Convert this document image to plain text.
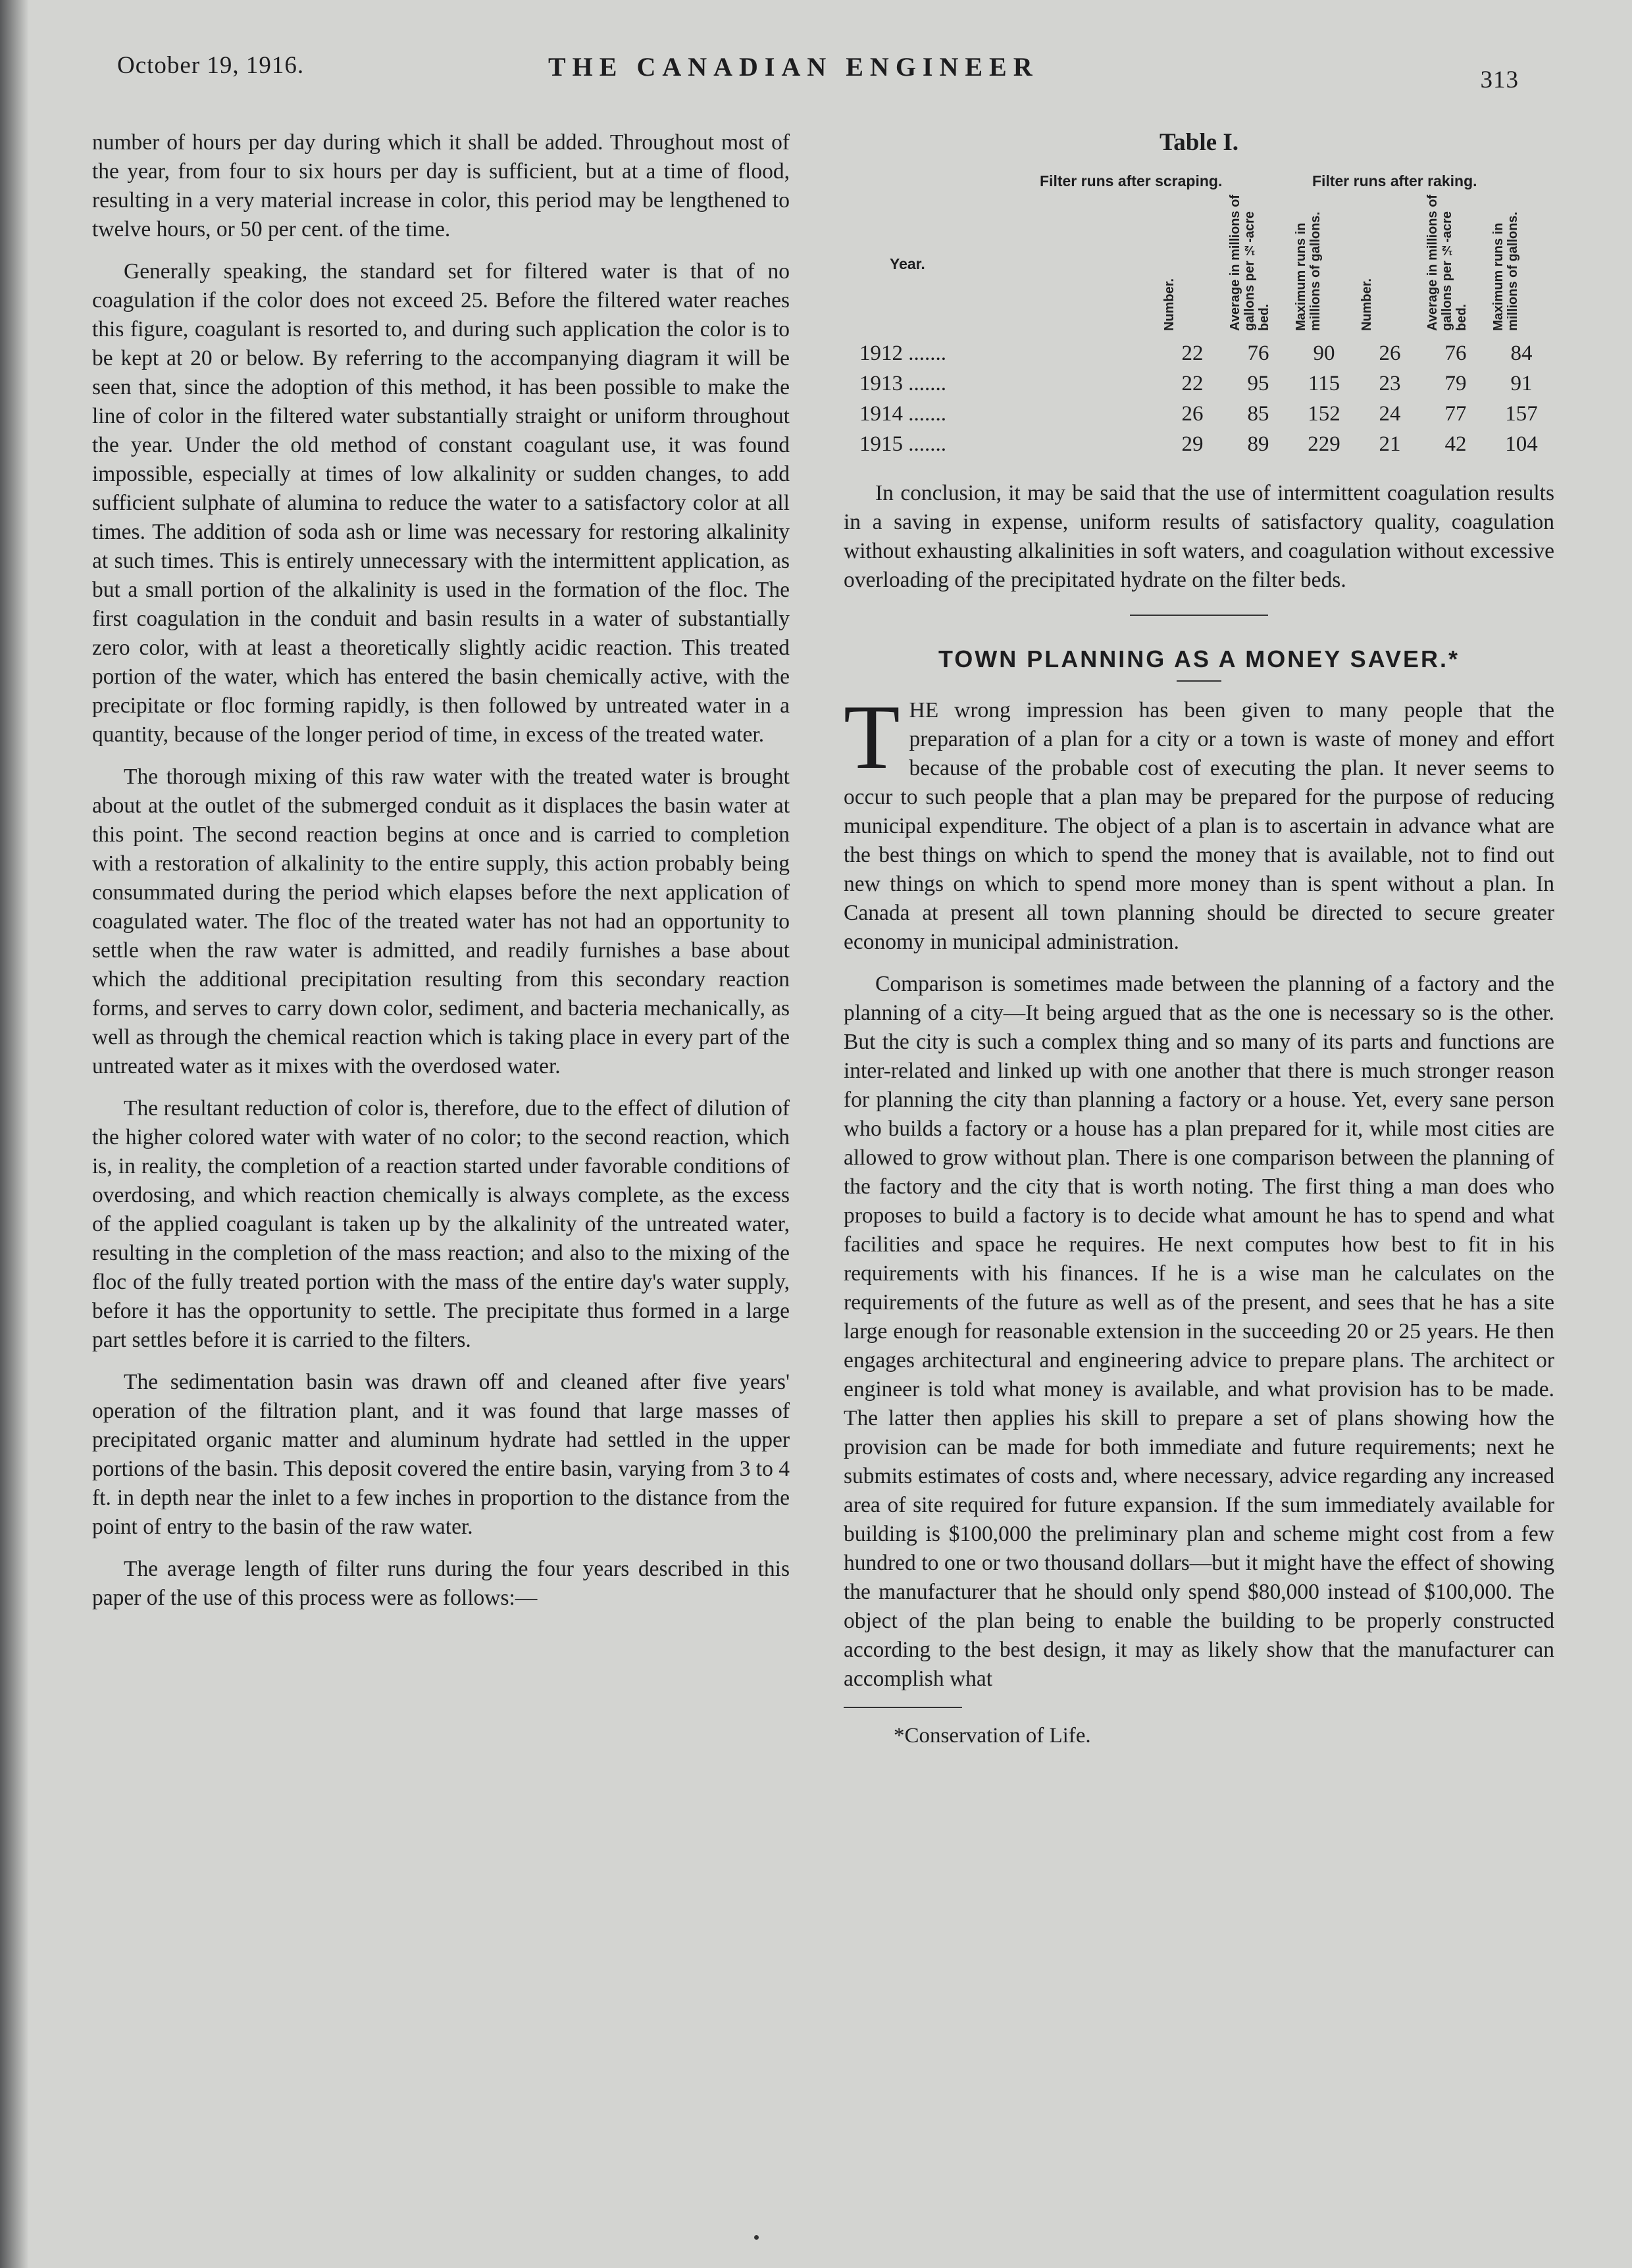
October 19, 1916.	THE CANADIAN ENGINEER	313

number of hours per day during which it shall be added. Throughout most of the year, from four to six hours per day is sufficient, but at a time of flood, resulting in a very material increase in color, this period may be lengthened to twelve hours, or 50 per cent. of the time.

Generally speaking, the standard set for filtered water is that of no coagulation if the color does not exceed 25. Before the filtered water reaches this figure, coagulant is resorted to, and during such application the color is to be kept at 20 or below. By referring to the accompanying diagram it will be seen that, since the adoption of this method, it has been possible to make the line of color in the filtered water substantially straight or uniform throughout the year. Under the old method of constant coagulant use, it was found impossible, especially at times of low alkalinity or sudden changes, to add sufficient sulphate of alumina to reduce the water to a satisfactory color at all times. The addition of soda ash or lime was necessary for restoring alkalinity at such times. This is entirely unnecessary with the intermittent application, as but a small portion of the alkalinity is used in the formation of the floc. The first coagulation in the conduit and basin results in a water of substantially zero color, with at least a theoretically slightly acidic reaction. This treated portion of the water, which has entered the basin chemically active, with the precipitate or floc forming rapidly, is then followed by untreated water in a quantity, because of the longer period of time, in excess of the treated water.

The thorough mixing of this raw water with the treated water is brought about at the outlet of the submerged conduit as it displaces the basin water at this point. The second reaction begins at once and is carried to completion with a restoration of alkalinity to the entire supply, this action probably being consummated during the period which elapses before the next application of coagulated water. The floc of the treated water has not had an opportunity to settle when the raw water is admitted, and readily furnishes a base about which the additional precipitation resulting from this secondary reaction forms, and serves to carry down color, sediment, and bacteria mechanically, as well as through the chemical reaction which is taking place in every part of the untreated water as it mixes with the overdosed water.

The resultant reduction of color is, therefore, due to the effect of dilution of the higher colored water with water of no color; to the second reaction, which is, in reality, the completion of a reaction started under favorable conditions of overdosing, and which reaction chemically is always complete, as the excess of the applied coagulant is taken up by the alkalinity of the untreated water, resulting in the completion of the mass reaction; and also to the mixing of the floc of the fully treated portion with the mass of the entire day's water supply, before it has the opportunity to settle. The precipitate thus formed in a large part settles before it is carried to the filters.

The sedimentation basin was drawn off and cleaned after five years' operation of the filtration plant, and it was found that large masses of precipitated organic matter and aluminum hydrate had settled in the upper portions of the basin. This deposit covered the entire basin, varying from 3 to 4 ft. in depth near the inlet to a few inches in proportion to the distance from the point of entry to the basin of the raw water.

The average length of filter runs during the four years described in this paper of the use of this process were as follows:—

Table I.
Filter runs after scraping.	Filter runs after raking.
Year.	Number.	Average in millions of gallons per ½-acre bed.	Maximum runs in millions of gallons.	Number.	Average in millions of gallons per ½-acre bed.	Maximum runs in millions of gallons.
1912 .......	22	76	90	26	76	84
1913 .......	22	95	115	23	79	91
1914 .......	26	85	152	24	77	157
1915 .......	29	89	229	21	42	104

In conclusion, it may be said that the use of intermittent coagulation results in a saving in expense, uniform results of satisfactory quality, coagulation without exhausting alkalinities in soft waters, and coagulation without excessive overloading of the precipitated hydrate on the filter beds.

TOWN PLANNING AS A MONEY SAVER.*

THE wrong impression has been given to many people that the preparation of a plan for a city or a town is waste of money and effort because of the probable cost of executing the plan. It never seems to occur to such people that a plan may be prepared for the purpose of reducing municipal expenditure. The object of a plan is to ascertain in advance what are the best things on which to spend the money that is available, not to find out new things on which to spend more money than is spent without a plan. In Canada at present all town planning should be directed to secure greater economy in municipal administration.

Comparison is sometimes made between the planning of a factory and the planning of a city—It being argued that as the one is necessary so is the other. But the city is such a complex thing and so many of its parts and functions are inter-related and linked up with one another that there is much stronger reason for planning the city than planning a factory or a house. Yet, every sane person who builds a factory or a house has a plan prepared for it, while most cities are allowed to grow without plan. There is one comparison between the planning of the factory and the city that is worth noting. The first thing a man does who proposes to build a factory is to decide what amount he has to spend and what facilities and space he requires. He next computes how best to fit in his requirements with his finances. If he is a wise man he calculates on the requirements of the future as well as of the present, and sees that he has a site large enough for reasonable extension in the succeeding 20 or 25 years. He then engages architectural and engineering advice to prepare plans. The architect or engineer is told what money is available, and what provision has to be made. The latter then applies his skill to prepare a set of plans showing how the provision can be made for both immediate and future requirements; next he submits estimates of costs and, where necessary, advice regarding any increased area of site required for future expansion. If the sum immediately available for building is $100,000 the preliminary plan and scheme might cost from a few hundred to one or two thousand dollars—but it might have the effect of showing the manufacturer that he should only spend $80,000 instead of $100,000. The object of the plan being to enable the building to be properly constructed according to the best design, it may as likely show that the manufacturer can accomplish what

*Conservation of Life.
